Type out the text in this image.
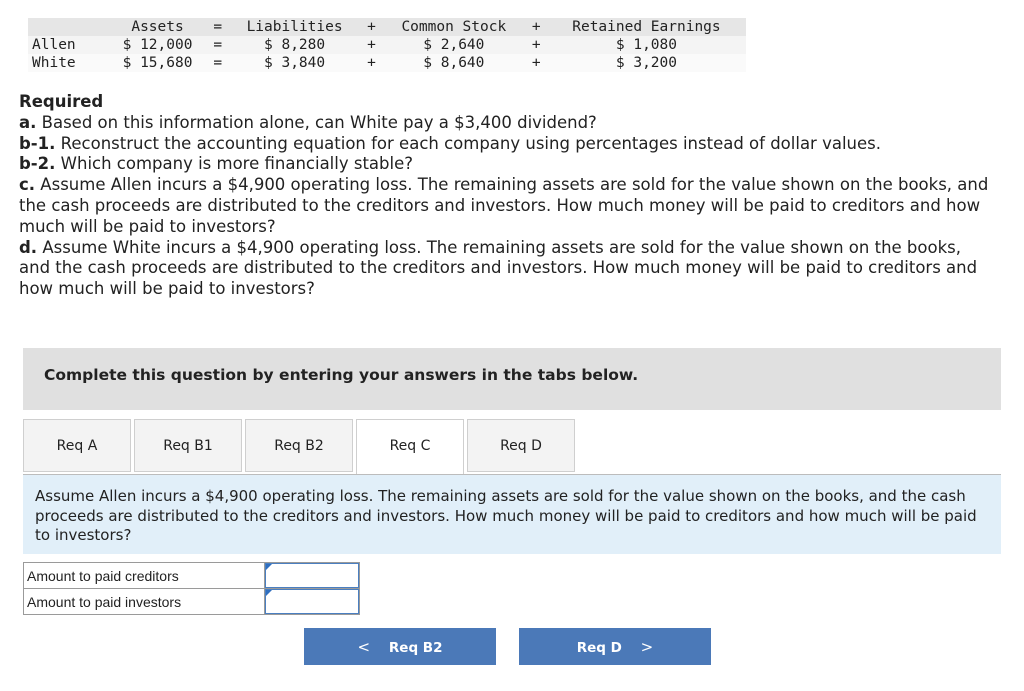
	Assets	=	Liabilities	+	Common Stock	+	Retained Earnings
Allen	$ 12,000	=	$ 8,280	+	$ 2,640	+	$ 1,080
White	$ 15,680	=	$ 3,840	+	$ 8,640	+	$ 3,200

Required

a. Based on this information alone, can White pay a $3,400 dividend?

b-1. Reconstruct the accounting equation for each company using percentages instead of dollar values.

b-2. Which company is more financially stable?

c. Assume Allen incurs a $4,900 operating loss. The remaining assets are sold for the value shown on the books, and the cash proceeds are distributed to the creditors and investors. How much money will be paid to creditors and how much will be paid to investors?

d. Assume White incurs a $4,900 operating loss. The remaining assets are sold for the value shown on the books, and the cash proceeds are distributed to the creditors and investors. How much money will be paid to creditors and how much will be paid to investors?

Complete this question by entering your answers in the tabs below.
Req A	Req B1	Req B2	Req C	Req D
Assume Allen incurs a $4,900 operating loss. The remaining assets are sold for the value shown on the books, and the cash proceeds are distributed to the creditors and investors. How much money will be paid to creditors and how much will be paid to investors?
Amount to paid creditors	

Amount to paid investors	
< Req B2	Req D >
